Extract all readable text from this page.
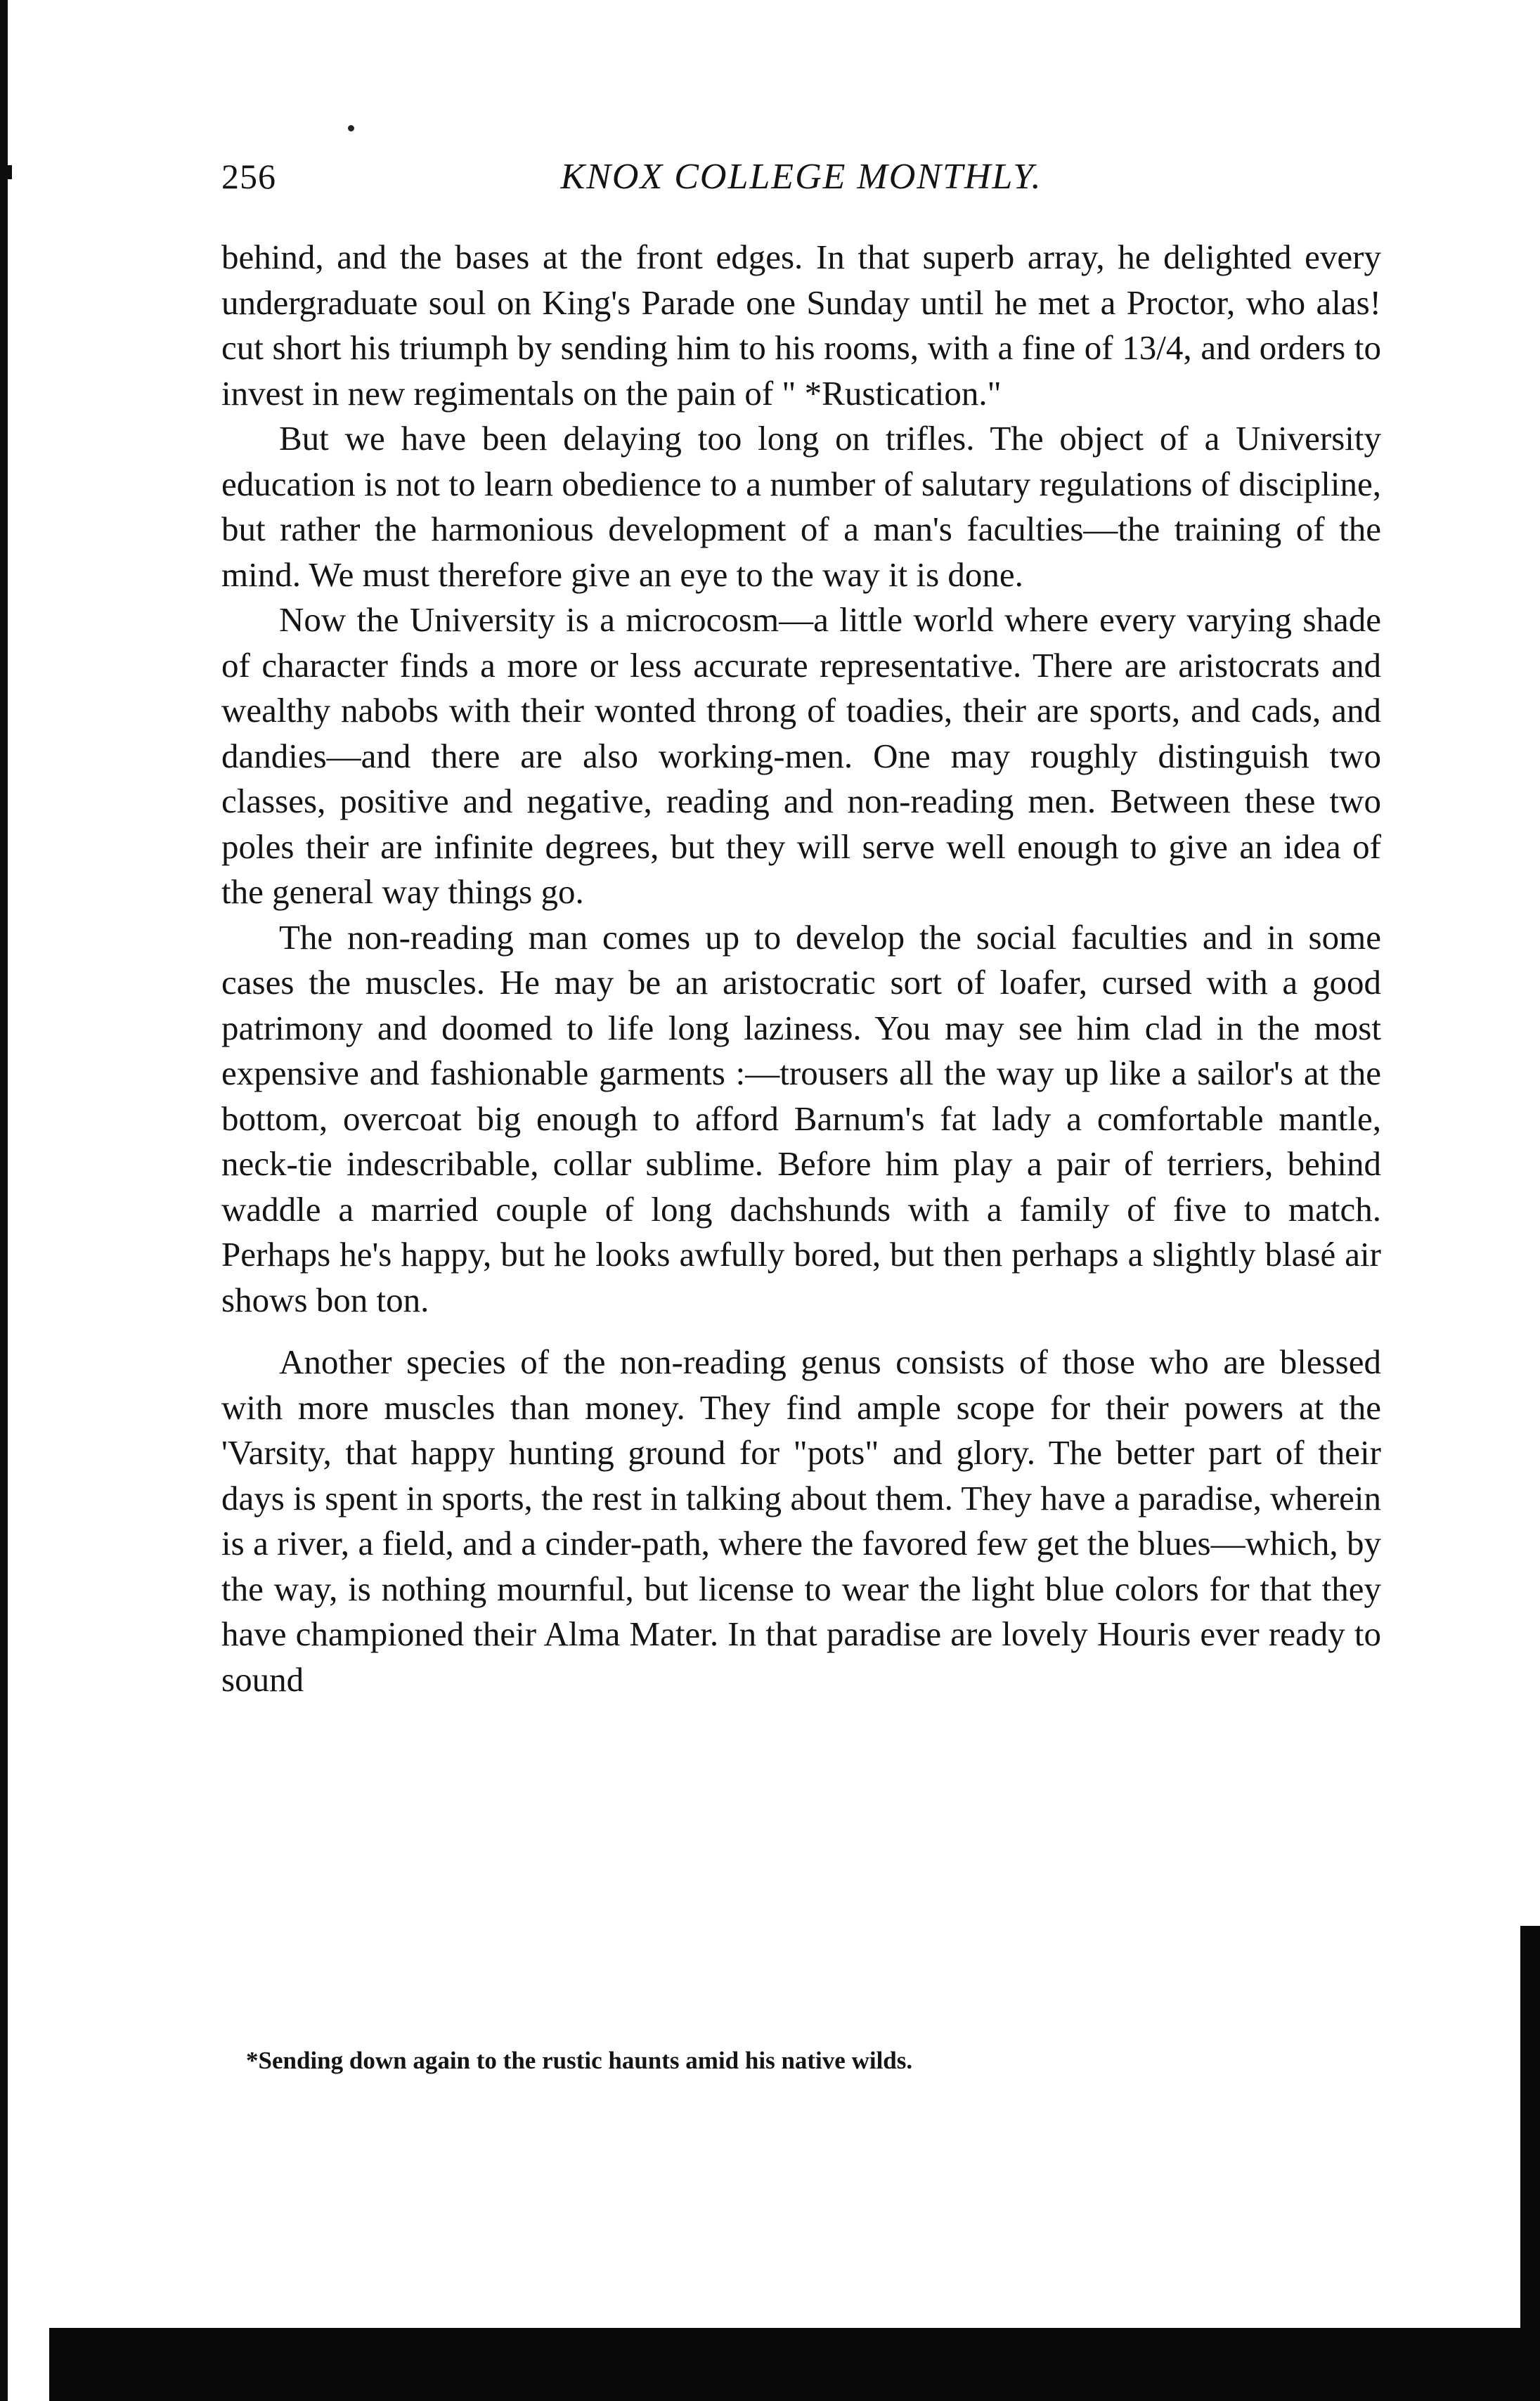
256	KNOX COLLEGE MONTHLY.

behind, and the bases at the front edges. In that superb array, he delighted every undergraduate soul on King's Parade one Sunday until he met a Proctor, who alas! cut short his triumph by sending him to his rooms, with a fine of 13/4, and orders to invest in new regimentals on the pain of " *Rustication."

But we have been delaying too long on trifles. The object of a University education is not to learn obedience to a number of salutary regulations of discipline, but rather the harmonious development of a man's faculties—the training of the mind. We must therefore give an eye to the way it is done.

Now the University is a microcosm—a little world where every varying shade of character finds a more or less accurate representative. There are aristocrats and wealthy nabobs with their wonted throng of toadies, their are sports, and cads, and dandies—and there are also working-men. One may roughly distinguish two classes, positive and negative, reading and non-reading men. Between these two poles their are infinite degrees, but they will serve well enough to give an idea of the general way things go.

The non-reading man comes up to develop the social faculties and in some cases the muscles. He may be an aristocratic sort of loafer, cursed with a good patrimony and doomed to life long laziness. You may see him clad in the most expensive and fashionable garments :—trousers all the way up like a sailor's at the bottom, overcoat big enough to afford Barnum's fat lady a comfortable mantle, neck-tie indescribable, collar sublime. Before him play a pair of terriers, behind waddle a married couple of long dachshunds with a family of five to match. Perhaps he's happy, but he looks awfully bored, but then perhaps a slightly blasé air shows bon ton.

Another species of the non-reading genus consists of those who are blessed with more muscles than money. They find ample scope for their powers at the 'Varsity, that happy hunting ground for "pots" and glory. The better part of their days is spent in sports, the rest in talking about them. They have a paradise, wherein is a river, a field, and a cinder-path, where the favored few get the blues—which, by the way, is nothing mournful, but license to wear the light blue colors for that they have championed their Alma Mater. In that paradise are lovely Houris ever ready to sound

*Sending down again to the rustic haunts amid his native wilds.
